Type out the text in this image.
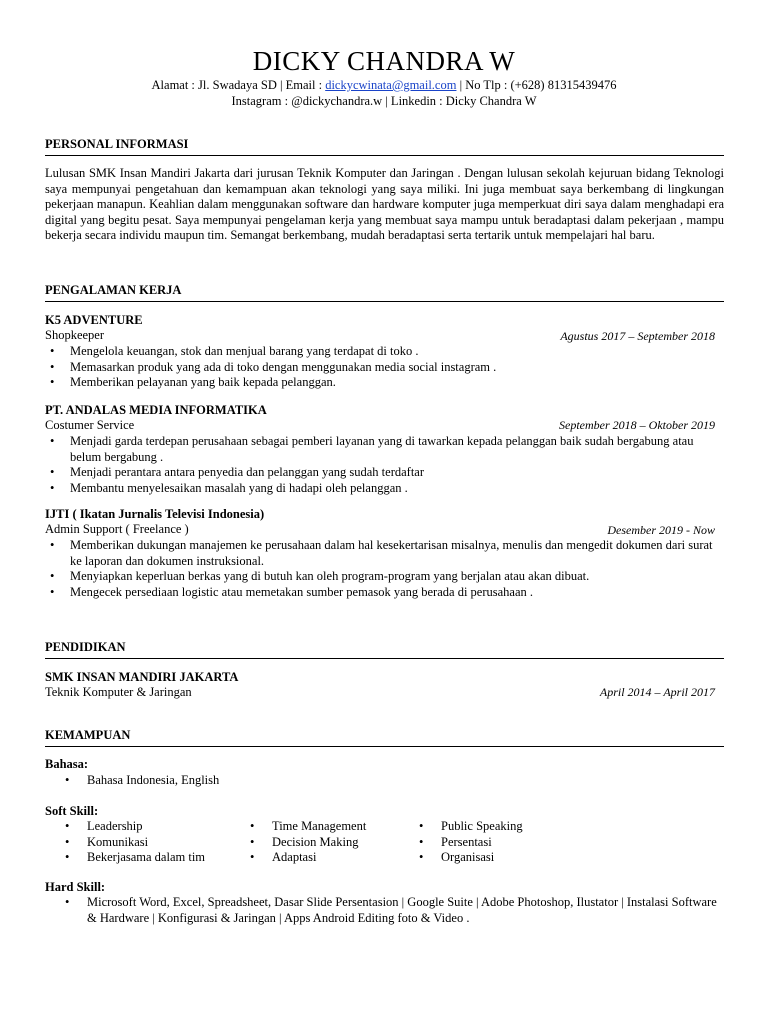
DICKY CHANDRA W
Alamat : Jl. Swadaya SD | Email : dickycwinata@gmail.com | No Tlp : (+628) 81315439476
Instagram : @dickychandra.w | Linkedin : Dicky Chandra W
PERSONAL INFORMASI
Lulusan SMK Insan Mandiri Jakarta dari jurusan Teknik Komputer dan Jaringan . Dengan lulusan sekolah kejuruan bidang Teknologi saya mempunyai pengetahuan dan kemampuan akan teknologi yang saya miliki. Ini juga membuat saya berkembang di lingkungan pekerjaan manapun. Keahlian dalam menggunakan software dan hardware komputer juga memperkuat diri saya dalam menghadapi era digital yang begitu pesat. Saya mempunyai pengelaman kerja yang membuat saya mampu untuk beradaptasi dalam pekerjaan , mampu bekerja secara individu maupun tim. Semangat berkembang, mudah beradaptasi serta tertarik untuk mempelajari hal baru.
PENGALAMAN KERJA
K5 ADVENTURE
Shopkeeper	Agustus 2017 – September 2018
• Mengelola keuangan, stok dan menjual barang yang terdapat di toko .
• Memasarkan produk yang ada di toko dengan menggunakan media social instagram .
• Memberikan pelayanan yang baik kepada pelanggan.
PT. ANDALAS MEDIA INFORMATIKA
Costumer Service	September 2018 – Oktober 2019
• Menjadi garda terdepan perusahaan sebagai pemberi layanan yang di tawarkan kepada pelanggan baik sudah bergabung atau belum bergabung .
• Menjadi perantara antara penyedia dan pelanggan yang sudah terdaftar
• Membantu menyelesaikan masalah yang di hadapi oleh pelanggan .
IJTI ( Ikatan Jurnalis Televisi Indonesia)
Admin Support ( Freelance )	Desember 2019 - Now
• Memberikan dukungan manajemen ke perusahaan dalam hal kesekertarisan misalnya, menulis dan mengedit dokumen dari surat ke laporan dan dokumen instruksional.
• Menyiapkan keperluan berkas yang di butuh kan oleh program-program yang berjalan atau akan dibuat.
• Mengecek persediaan logistic atau memetakan sumber pemasok yang berada di perusahaan .
PENDIDIKAN
SMK INSAN MANDIRI JAKARTA
Teknik Komputer & Jaringan	April 2014 – April 2017
KEMAMPUAN
Bahasa:
• Bahasa Indonesia, English
Soft Skill:
• Leadership
• Komunikasi
• Bekerjasama dalam tim
• Time Management
• Decision Making
• Adaptasi
• Public Speaking
• Persentasi
• Organisasi
Hard Skill:
• Microsoft Word, Excel, Spreadsheet, Dasar Slide Persentasion | Google Suite | Adobe Photoshop, Ilustator | Instalasi Software & Hardware | Konfigurasi & Jaringan | Apps Android Editing foto & Video .
